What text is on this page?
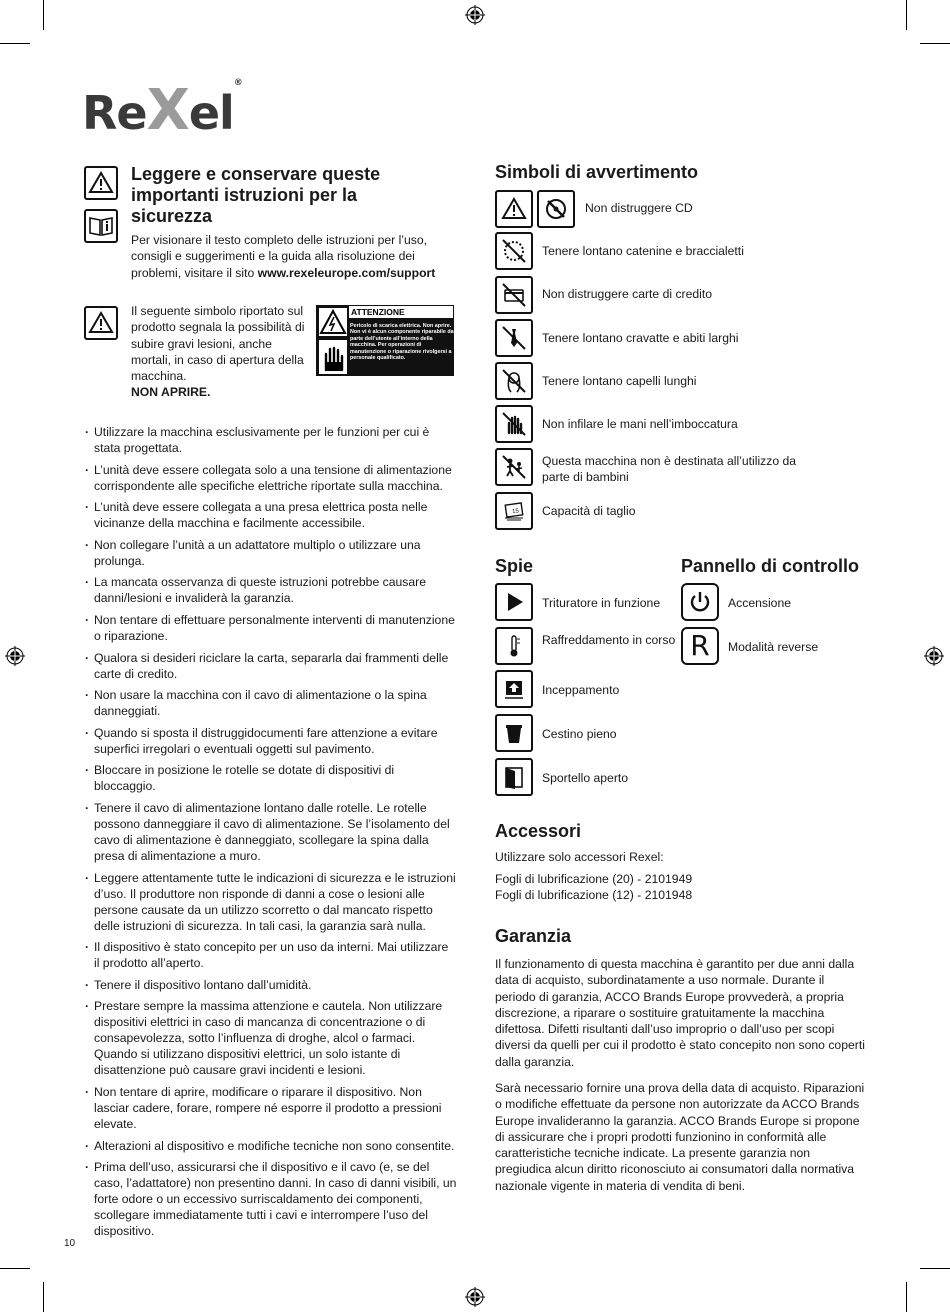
ReXel®
Leggere e conservare queste importanti istruzioni per la sicurezza
Per visionare il testo completo delle istruzioni per l’uso, consigli e suggerimenti e la guida alla risoluzione dei problemi, visitare il sito www.rexeleurope.com/support
Il seguente simbolo riportato sul prodotto segnala la possibilità di subire gravi lesioni, anche mortali, in caso di apertura della macchina.
NON APRIRE.
ATTENZIONE
Pericolo di scarica elettrica. Non aprire. Non vi è alcun componente riparabile da parte dell’utente all’interno della macchina. Per operazioni di manutenzione o riparazione rivolgersi a personale qualificato.
· Utilizzare la macchina esclusivamente per le funzioni per cui è stata progettata.
· L’unità deve essere collegata solo a una tensione di alimentazione corrispondente alle specifiche elettriche riportate sulla macchina.
· L’unità deve essere collegata a una presa elettrica posta nelle vicinanze della macchina e facilmente accessibile.
· Non collegare l’unità a un adattatore multiplo o utilizzare una prolunga.
· La mancata osservanza di queste istruzioni potrebbe causare danni/lesioni e invaliderà la garanzia.
· Non tentare di effettuare personalmente interventi di manutenzione o riparazione.
· Qualora si desideri riciclare la carta, separarla dai frammenti delle carte di credito.
· Non usare la macchina con il cavo di alimentazione o la spina danneggiati.
· Quando si sposta il distruggidocumenti fare attenzione a evitare superfici irregolari o eventuali oggetti sul pavimento.
· Bloccare in posizione le rotelle se dotate di dispositivi di bloccaggio.
· Tenere il cavo di alimentazione lontano dalle rotelle. Le rotelle possono danneggiare il cavo di alimentazione. Se l’isolamento del cavo di alimentazione è danneggiato, scollegare la spina dalla presa di alimentazione a muro.
· Leggere attentamente tutte le indicazioni di sicurezza e le istruzioni d’uso. Il produttore non risponde di danni a cose o lesioni alle persone causate da un utilizzo scorretto o dal mancato rispetto delle istruzioni di sicurezza. In tali casi, la garanzia sarà nulla.
· Il dispositivo è stato concepito per un uso da interni. Mai utilizzare il prodotto all’aperto.
· Tenere il dispositivo lontano dall’umidità.
· Prestare sempre la massima attenzione e cautela. Non utilizzare dispositivi elettrici in caso di mancanza di concentrazione o di consapevolezza, sotto l’influenza di droghe, alcol o farmaci. Quando si utilizzano dispositivi elettrici, un solo istante di disattenzione può causare gravi incidenti e lesioni.
· Non tentare di aprire, modificare o riparare il dispositivo. Non lasciar cadere, forare, rompere né esporre il prodotto a pressioni elevate.
· Alterazioni al dispositivo e modifiche tecniche non sono consentite.
· Prima dell’uso, assicurarsi che il dispositivo e il cavo (e, se del caso, l’adattatore) non presentino danni. In caso di danni visibili, un forte odore o un eccessivo surriscaldamento dei componenti, scollegare immediatamente tutti i cavi e interrompere l’uso del dispositivo.
10
Simboli di avvertimento
Spie	Pannello di controllo
Accessori
Utilizzare solo accessori Rexel:
Fogli di lubrificazione (20) - 2101949
Fogli di lubrificazione (12) - 2101948
Garanzia
Il funzionamento di questa macchina è garantito per due anni dalla data di acquisto, subordinatamente a uso normale. Durante il periodo di garanzia, ACCO Brands Europe provvederà, a propria discrezione, a riparare o sostituire gratuitamente la macchina difettosa. Difetti risultanti dall’uso improprio o dall’uso per scopi diversi da quelli per cui il prodotto è stato concepito non sono coperti dalla garanzia.
Sarà necessario fornire una prova della data di acquisto. Riparazioni o modifiche effettuate da persone non autorizzate da ACCO Brands Europe invalideranno la garanzia. ACCO Brands Europe si propone di assicurare che i propri prodotti funzionino in conformità alle caratteristiche tecniche indicate. La presente garanzia non pregiudica alcun diritto riconosciuto ai consumatori dalla normativa nazionale vigente in materia di vendita di beni.
Non distruggere CD
Tenere lontano catenine e braccialetti
Non distruggere carte di credito
Tenere lontano cravatte e abiti larghi
Tenere lontano capelli lunghi
Non infilare le mani nell’imboccatura
Questa macchina non è destinata all’utilizzo da parte di bambini
15 Capacità di taglio
Trituratore in funzione
Raffreddamento in corso
Inceppamento
Cestino pieno
Sportello aperto
Accensione
R Modalità reverse
